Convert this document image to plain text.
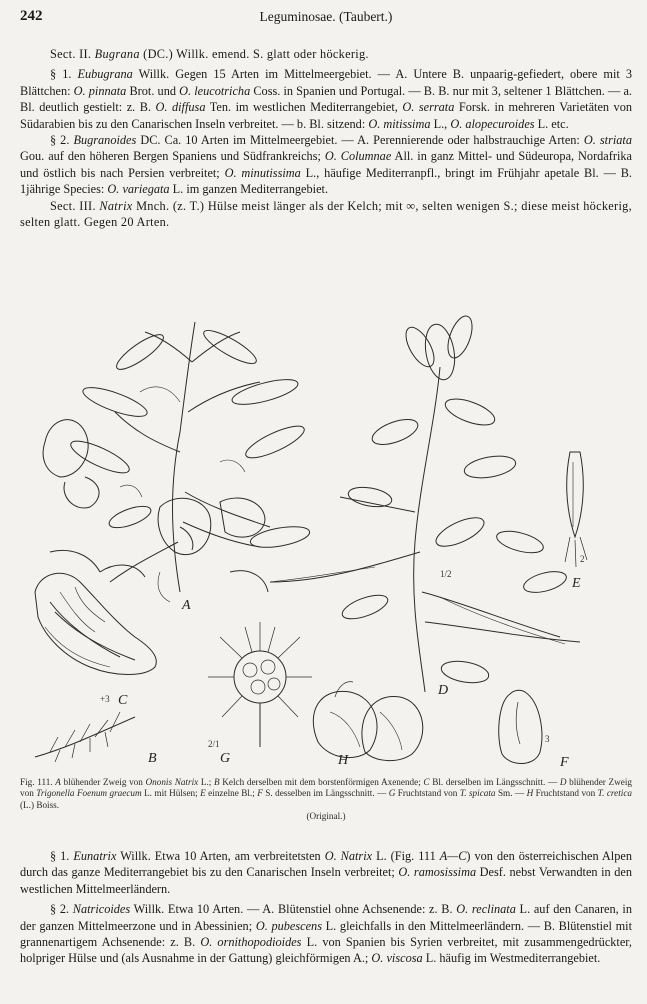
242	Leguminosae. (Taubert.)

Sect. II. Bugrana (DC.) Willk. emend. S. glatt oder höckerig.

§ 1. Eubugrana Willk. Gegen 15 Arten im Mittelmeergebiet. — A. Untere B. unpaarig-gefiedert, obere mit 3 Blättchen: O. pinnata Brot. und O. leucotricha Coss. in Spanien und Portugal. — B. B. nur mit 3, seltener 1 Blättchen. — a. Bl. deutlich gestielt: z. B. O. diffusa Ten. im westlichen Mediterrangebiet, O. serrata Forsk. in mehreren Varietäten von Südarabien bis zu den Canarischen Inseln verbreitet. — b. Bl. sitzend: O. mitissima L., O. alopecuroides L. etc.

§ 2. Bugranoides DC. Ca. 10 Arten im Mittelmeergebiet. — A. Perennierende oder halbstrauchige Arten: O. striata Gou. auf den höheren Bergen Spaniens und Südfrankreichs; O. Columnae All. in ganz Mittel- und Südeuropa, Nordafrika und östlich bis nach Persien verbreitet; O. minutissima L., häufige Mediterranpfl., bringt im Frühjahr apetale Bl. — B. 1jährige Species: O. variegata L. im ganzen Mediterrangebiet.

Sect. III. Natrix Mnch. (z. T.) Hülse meist länger als der Kelch; mit ∞, selten wenigen S.; diese meist höckerig, selten glatt. Gegen 20 Arten.

A
B
C
D
E
F
G	H
+3
1/2
2
2/1	3
Fig. 111. A blühender Zweig von Ononis Natrix L.; B Kelch derselben mit dem borstenförmigen Axenende; C Bl. derselben im Längsschnitt. — D blühender Zweig von Trigonella Foenum graecum L. mit Hülsen; E einzelne Bl.; F S. desselben im Längsschnitt. — G Fruchtstand von T. spicata Sm. — H Fruchtstand von T. cretica (L.) Boiss.
(Original.)

§ 1. Eunatrix Willk. Etwa 10 Arten, am verbreitetsten O. Natrix L. (Fig. 111 A—C) von den österreichischen Alpen durch das ganze Mediterrangebiet bis zu den Canarischen Inseln verbreitet; O. ramosissima Desf. nebst Verwandten in den westlichen Mittelmeerländern.

§ 2. Natricoides Willk. Etwa 10 Arten. — A. Blütenstiel ohne Achsenende: z. B. O. reclinata L. auf den Canaren, in der ganzen Mittelmeerzone und in Abessinien; O. pubescens L. gleichfalls in den Mittelmeerländern. — B. Blütenstiel mit grannenartigem Achsenende: z. B. O. ornithopodioides L. von Spanien bis Syrien verbreitet, mit zusammengedrückter, holpriger Hülse und (als Ausnahme in der Gattung) gleichförmigen A.; O. viscosa L. häufig im Westmediterrangebiet.
